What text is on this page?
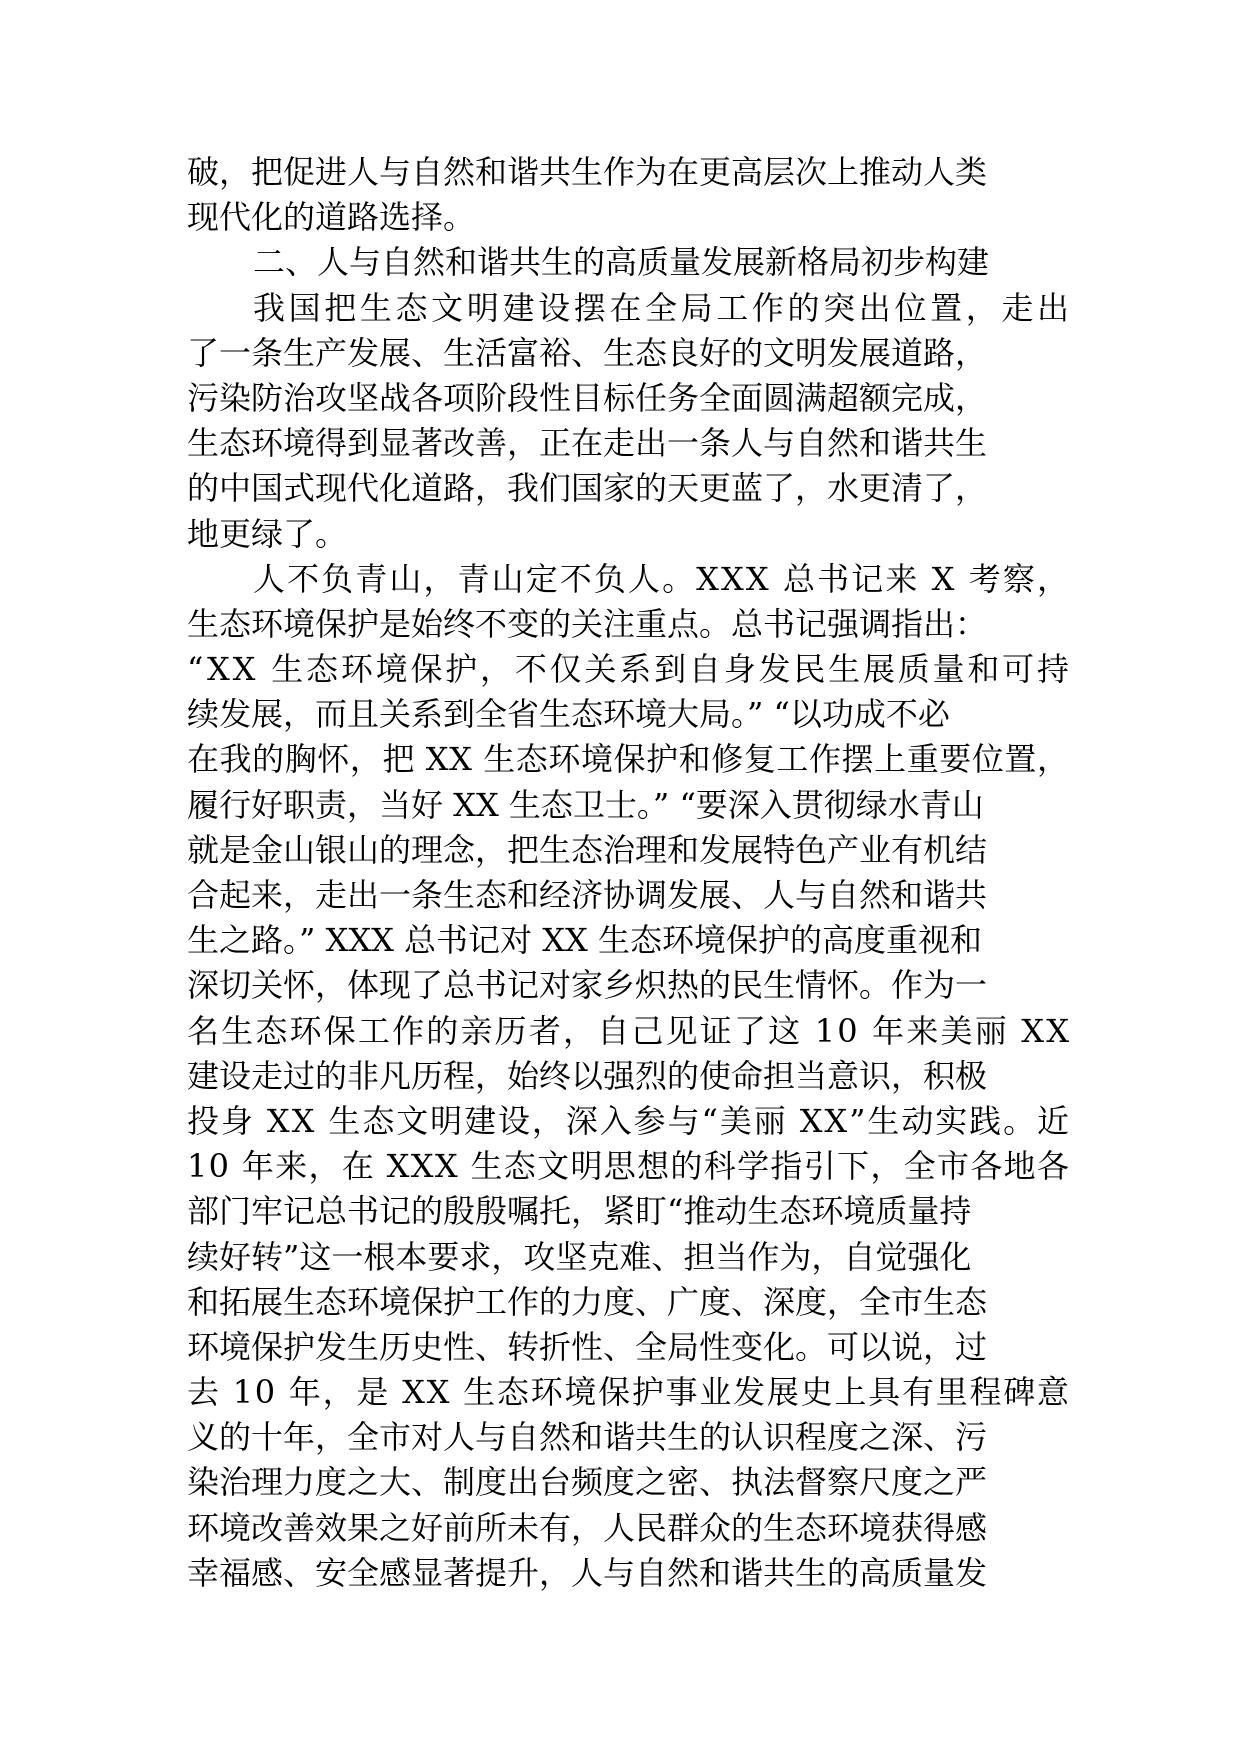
破，把促进人与自然和谐共生作为在更高层次上推动人类
现代化的道路选择。
二、人与自然和谐共生的高质量发展新格局初步构建
我国把生态文明建设摆在全局工作的突出位置，走出
了一条生产发展、生活富裕、生态良好的文明发展道路，
污染防治攻坚战各项阶段性目标任务全面圆满超额完成，
生态环境得到显著改善，正在走出一条人与自然和谐共生
的中国式现代化道路，我们国家的天更蓝了，水更清了，
地更绿了。
人不负青山，青山定不负人。XXX 总书记来 X 考察，
生态环境保护是始终不变的关注重点。总书记强调指出：
“XX 生态环境保护，不仅关系到自身发民生展质量和可持
续发展，而且关系到全省生态环境大局。” “以功成不必
在我的胸怀，把 XX 生态环境保护和修复工作摆上重要位置，
履行好职责，当好 XX 生态卫士。” “要深入贯彻绿水青山
就是金山银山的理念，把生态治理和发展特色产业有机结
合起来，走出一条生态和经济协调发展、人与自然和谐共
生之路。” XXX 总书记对 XX 生态环境保护的高度重视和
深切关怀，体现了总书记对家乡炽热的民生情怀。作为一
名生态环保工作的亲历者，自己见证了这 10 年来美丽 XX
建设走过的非凡历程，始终以强烈的使命担当意识，积极
投身 XX 生态文明建设，深入参与“美丽 XX”生动实践。近
10 年来，在 XXX 生态文明思想的科学指引下，全市各地各
部门牢记总书记的殷殷嘱托，紧盯“推动生态环境质量持
续好转”这一根本要求，攻坚克难、担当作为，自觉强化
和拓展生态环境保护工作的力度、广度、深度，全市生态
环境保护发生历史性、转折性、全局性变化。可以说，过
去 10 年，是 XX 生态环境保护事业发展史上具有里程碑意
义的十年，全市对人与自然和谐共生的认识程度之深、污
染治理力度之大、制度出台频度之密、执法督察尺度之严
环境改善效果之好前所未有，人民群众的生态环境获得感
幸福感、安全感显著提升，人与自然和谐共生的高质量发
